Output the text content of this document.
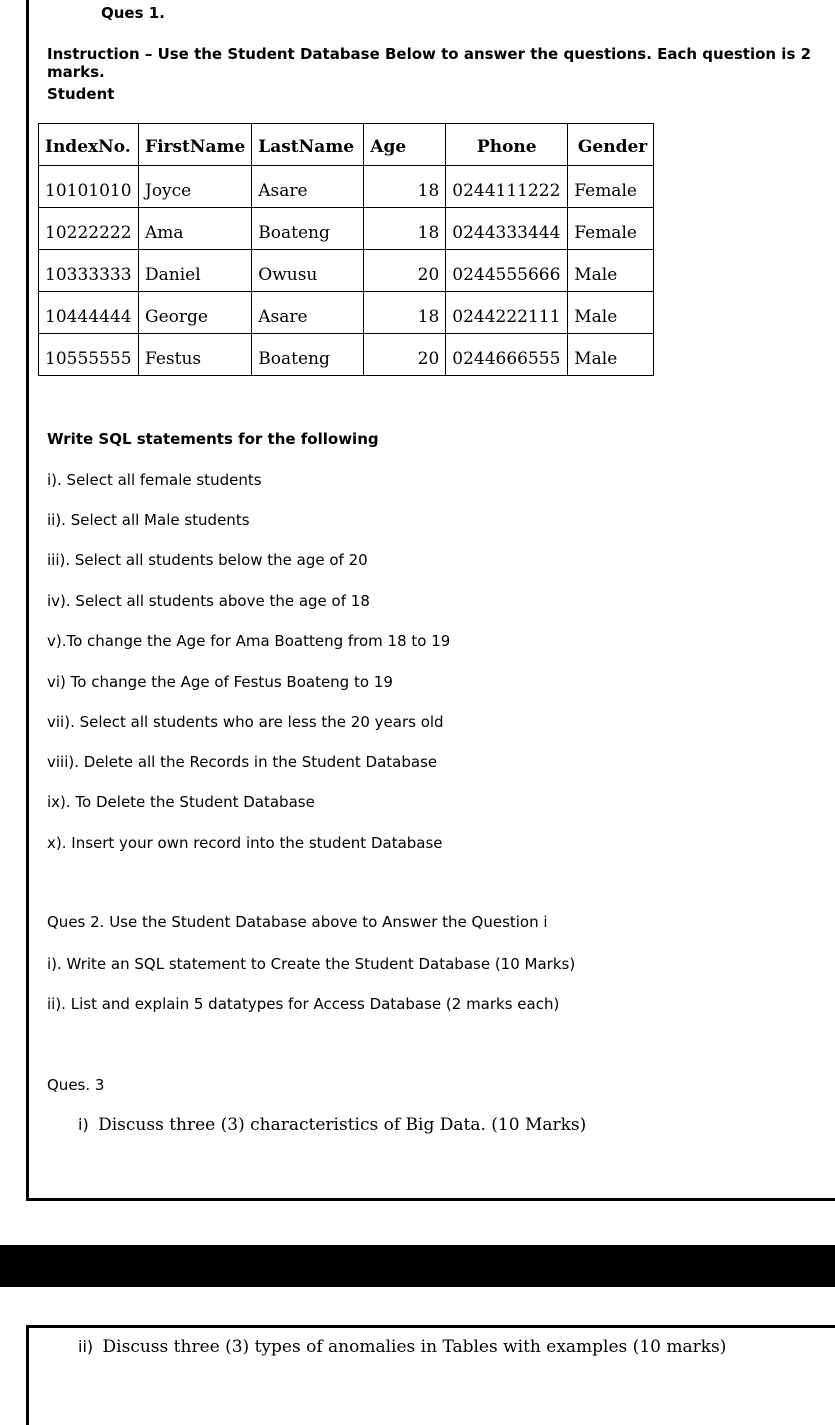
Ques 1.
Instruction – Use the Student Database Below to answer the questions. Each question is 2 marks.
Student
IndexNo.	FirstName	LastName	Age	Phone	Gender
10101010	Joyce	Asare	18	0244111222	Female
10222222	Ama	Boateng	18	0244333444	Female
10333333	Daniel	Owusu	20	0244555666	Male
10444444	George	Asare	18	0244222111	Male
10555555	Festus	Boateng	20	0244666555	Male
Write SQL statements for the following
i). Select all female students
ii). Select all Male students
iii). Select all students below the age of 20
iv). Select all students above the age of 18
v).To change the Age for Ama Boatteng from 18 to 19
vi) To change the Age of Festus Boateng to 19
vii). Select all students who are less the 20 years old
viii). Delete all the Records in the Student Database
ix). To Delete the Student Database
x). Insert your own record into the student Database
Ques 2. Use the Student Database above to Answer the Question i
i). Write an SQL statement to Create the Student Database (10 Marks)
ii). List and explain 5 datatypes for Access Database (2 marks each)
Ques. 3
i) Discuss three (3) characteristics of Big Data. (10 Marks)
ii) Discuss three (3) types of anomalies in Tables with examples (10 marks)
